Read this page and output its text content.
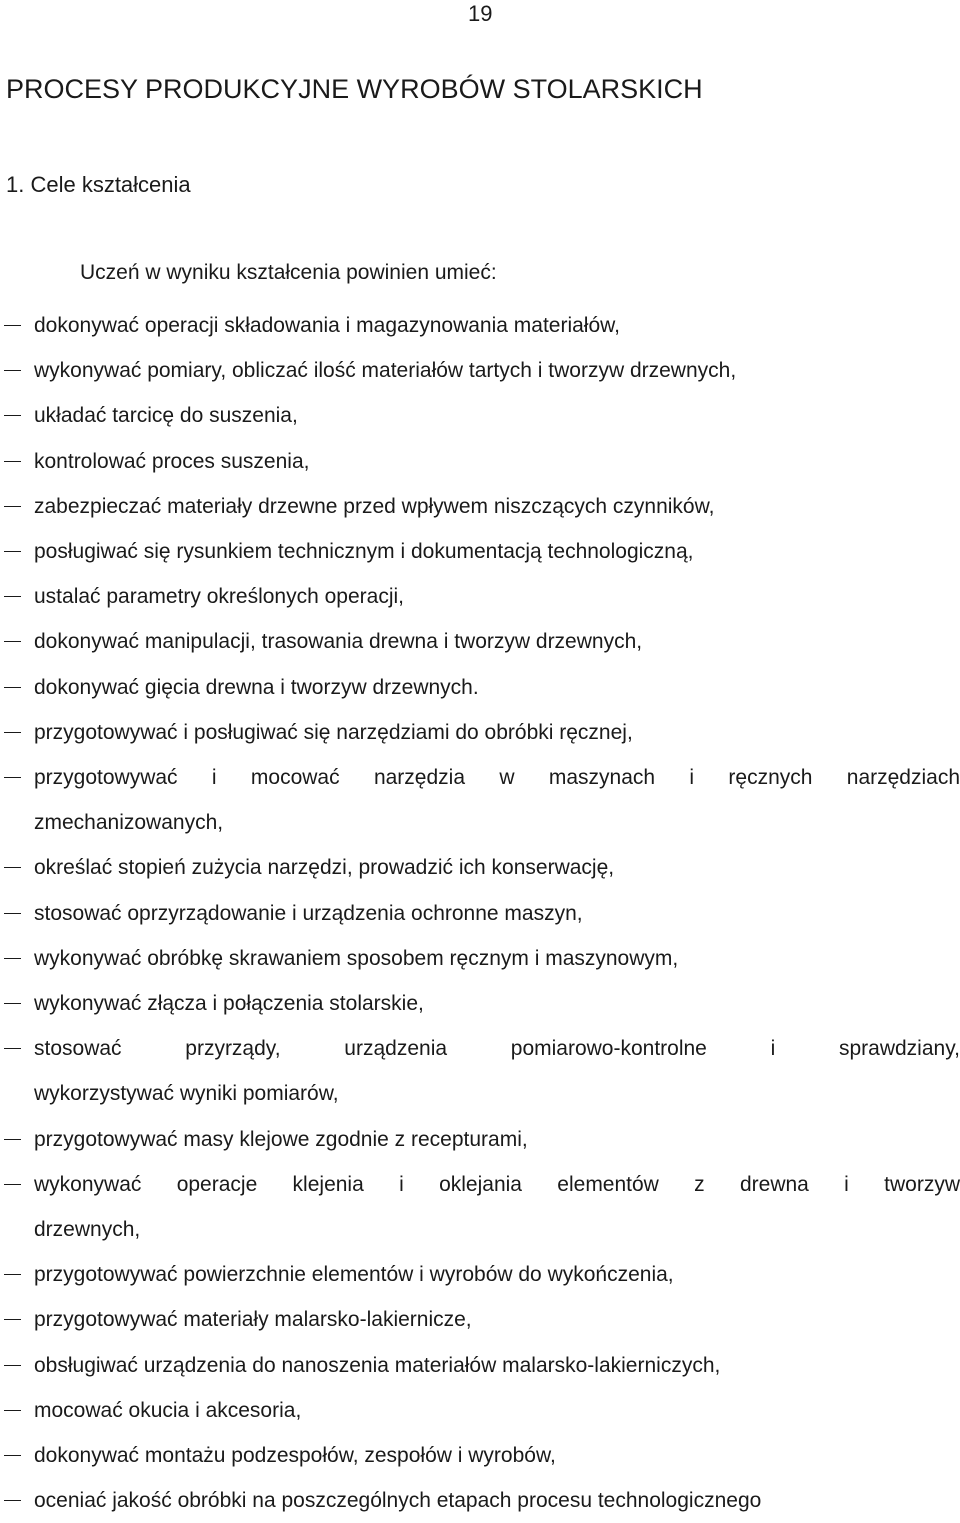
19
PROCESY PRODUKCYJNE WYROBÓW STOLARSKICH
1. Cele kształcenia
Uczeń w wyniku kształcenia powinien umieć:
dokonywać operacji składowania i magazynowania materiałów,
wykonywać pomiary, obliczać ilość materiałów tartych i tworzyw drzewnych,
układać tarcicę do suszenia,
kontrolować proces suszenia,
zabezpieczać materiały drzewne przed wpływem niszczących czynników,
posługiwać się rysunkiem technicznym i dokumentacją technologiczną,
ustalać parametry określonych operacji,
dokonywać manipulacji, trasowania drewna i tworzyw drzewnych,
dokonywać gięcia drewna i tworzyw drzewnych.
przygotowywać i posługiwać się narzędziami do obróbki ręcznej,
przygotowywać i mocować narzędzia w maszynach i ręcznych narzędziach
zmechanizowanych,
określać stopień zużycia narzędzi, prowadzić ich konserwację,
stosować oprzyrządowanie i urządzenia ochronne maszyn,
wykonywać obróbkę skrawaniem sposobem ręcznym i maszynowym,
wykonywać złącza i połączenia stolarskie,
stosować przyrządy, urządzenia pomiarowo-kontrolne i sprawdziany,
wykorzystywać wyniki pomiarów,
przygotowywać masy klejowe zgodnie z recepturami,
wykonywać operacje klejenia i oklejania elementów z drewna i tworzyw
drzewnych,
przygotowywać powierzchnie elementów i wyrobów do wykończenia,
przygotowywać materiały malarsko-lakiernicze,
obsługiwać urządzenia do nanoszenia materiałów malarsko-lakierniczych,
mocować okucia i akcesoria,
dokonywać montażu podzespołów, zespołów i wyrobów,
oceniać jakość obróbki na poszczególnych etapach procesu technologicznego
